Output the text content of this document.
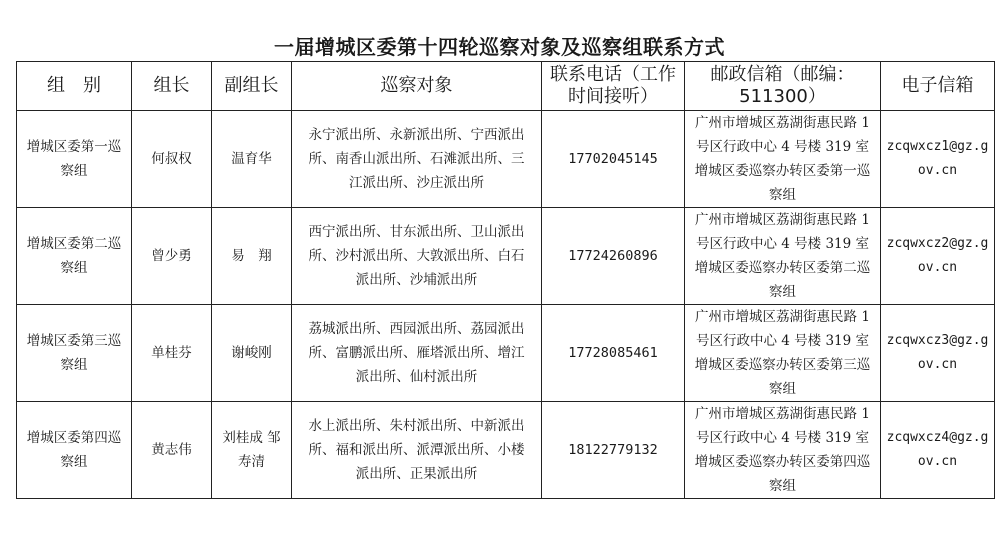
一届增城区委第十四轮巡察对象及巡察组联系方式
组　别	组长	副组长	巡察对象	联系电话（工作时间接听）	邮政信箱（邮编：511300）	电子信箱
增城区委第一巡察组	何叔权	温育华	永宁派出所、永新派出所、宁西派出所、南香山派出所、石滩派出所、三江派出所、沙庄派出所	17702045145	广州市增城区荔湖街惠民路 1 号区行政中心 4 号楼 319 室增城区委巡察办转区委第一巡察组	zcqwxcz1@gz.gov.cn
增城区委第二巡察组	曾少勇	易　翔	西宁派出所、甘东派出所、卫山派出所、沙村派出所、大敦派出所、白石派出所、沙埔派出所	17724260896	广州市增城区荔湖街惠民路 1 号区行政中心 4 号楼 319 室增城区委巡察办转区委第二巡察组	zcqwxcz2@gz.gov.cn
增城区委第三巡察组	单桂芬	谢峻刚	荔城派出所、西园派出所、荔园派出所、富鹏派出所、雁塔派出所、增江派出所、仙村派出所	17728085461	广州市增城区荔湖街惠民路 1 号区行政中心 4 号楼 319 室增城区委巡察办转区委第三巡察组	zcqwxcz3@gz.gov.cn
增城区委第四巡察组	黄志伟	刘桂成 邹寿清	水上派出所、朱村派出所、中新派出所、福和派出所、派潭派出所、小楼派出所、正果派出所	18122779132	广州市增城区荔湖街惠民路 1 号区行政中心 4 号楼 319 室增城区委巡察办转区委第四巡察组	zcqwxcz4@gz.gov.cn
